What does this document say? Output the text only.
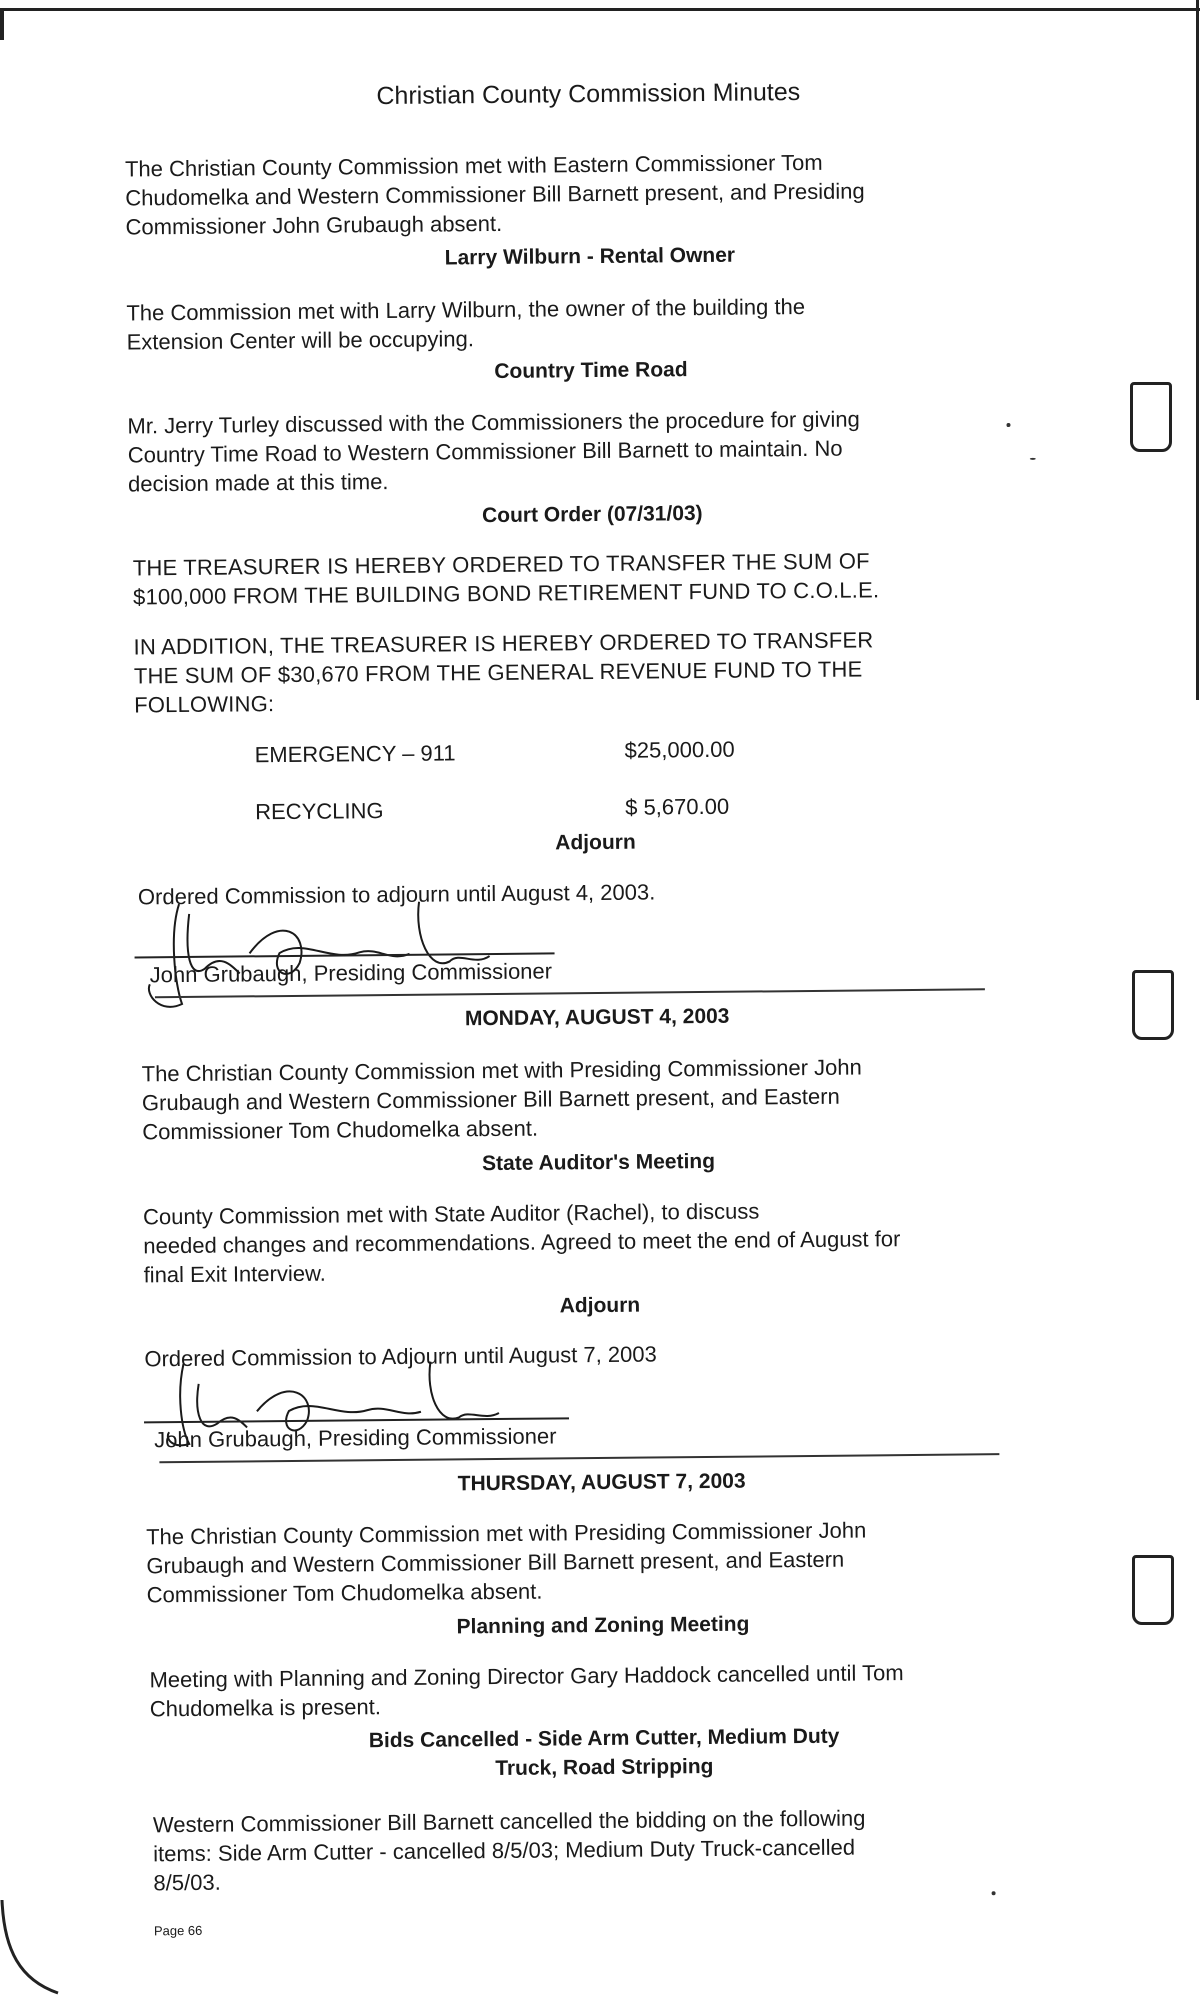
Christian County Commission Minutes
The Christian County Commission met with Eastern Commissioner Tom
Chudomelka and Western Commissioner Bill Barnett present, and Presiding
Commissioner John Grubaugh absent.
Larry Wilburn - Rental Owner
The Commission met with Larry Wilburn, the owner of the building the
Extension Center will be occupying.
Country Time Road
Mr. Jerry Turley discussed with the Commissioners the procedure for giving
Country Time Road to Western Commissioner Bill Barnett to maintain. No
decision made at this time.
Court Order (07/31/03)
THE TREASURER IS HEREBY ORDERED TO TRANSFER THE SUM OF
$100,000 FROM THE BUILDING BOND RETIREMENT FUND TO C.O.L.E.
IN ADDITION, THE TREASURER IS HEREBY ORDERED TO TRANSFER
THE SUM OF $30,670 FROM THE GENERAL REVENUE FUND TO THE
FOLLOWING:
EMERGENCY – 911	$25,000.00
RECYCLING	$ 5,670.00
Adjourn
Ordered Commission to adjourn until August 4, 2003.
John Grubaugh, Presiding Commissioner
MONDAY, AUGUST 4, 2003
The Christian County Commission met with Presiding Commissioner John
Grubaugh and Western Commissioner Bill Barnett present, and Eastern
Commissioner Tom Chudomelka absent.
State Auditor's Meeting
County Commission met with State Auditor (Rachel), to discuss
needed changes and recommendations. Agreed to meet the end of August for
final Exit Interview.
Adjourn
Ordered Commission to Adjourn until August 7, 2003
John Grubaugh, Presiding Commissioner
THURSDAY, AUGUST 7, 2003
The Christian County Commission met with Presiding Commissioner John
Grubaugh and Western Commissioner Bill Barnett present, and Eastern
Commissioner Tom Chudomelka absent.
Planning and Zoning Meeting
Meeting with Planning and Zoning Director Gary Haddock cancelled until Tom
Chudomelka is present.
Bids Cancelled - Side Arm Cutter, Medium Duty
Truck, Road Stripping
Western Commissioner Bill Barnett cancelled the bidding on the following
items: Side Arm Cutter - cancelled 8/5/03; Medium Duty Truck-cancelled
8/5/03.
Page 66
